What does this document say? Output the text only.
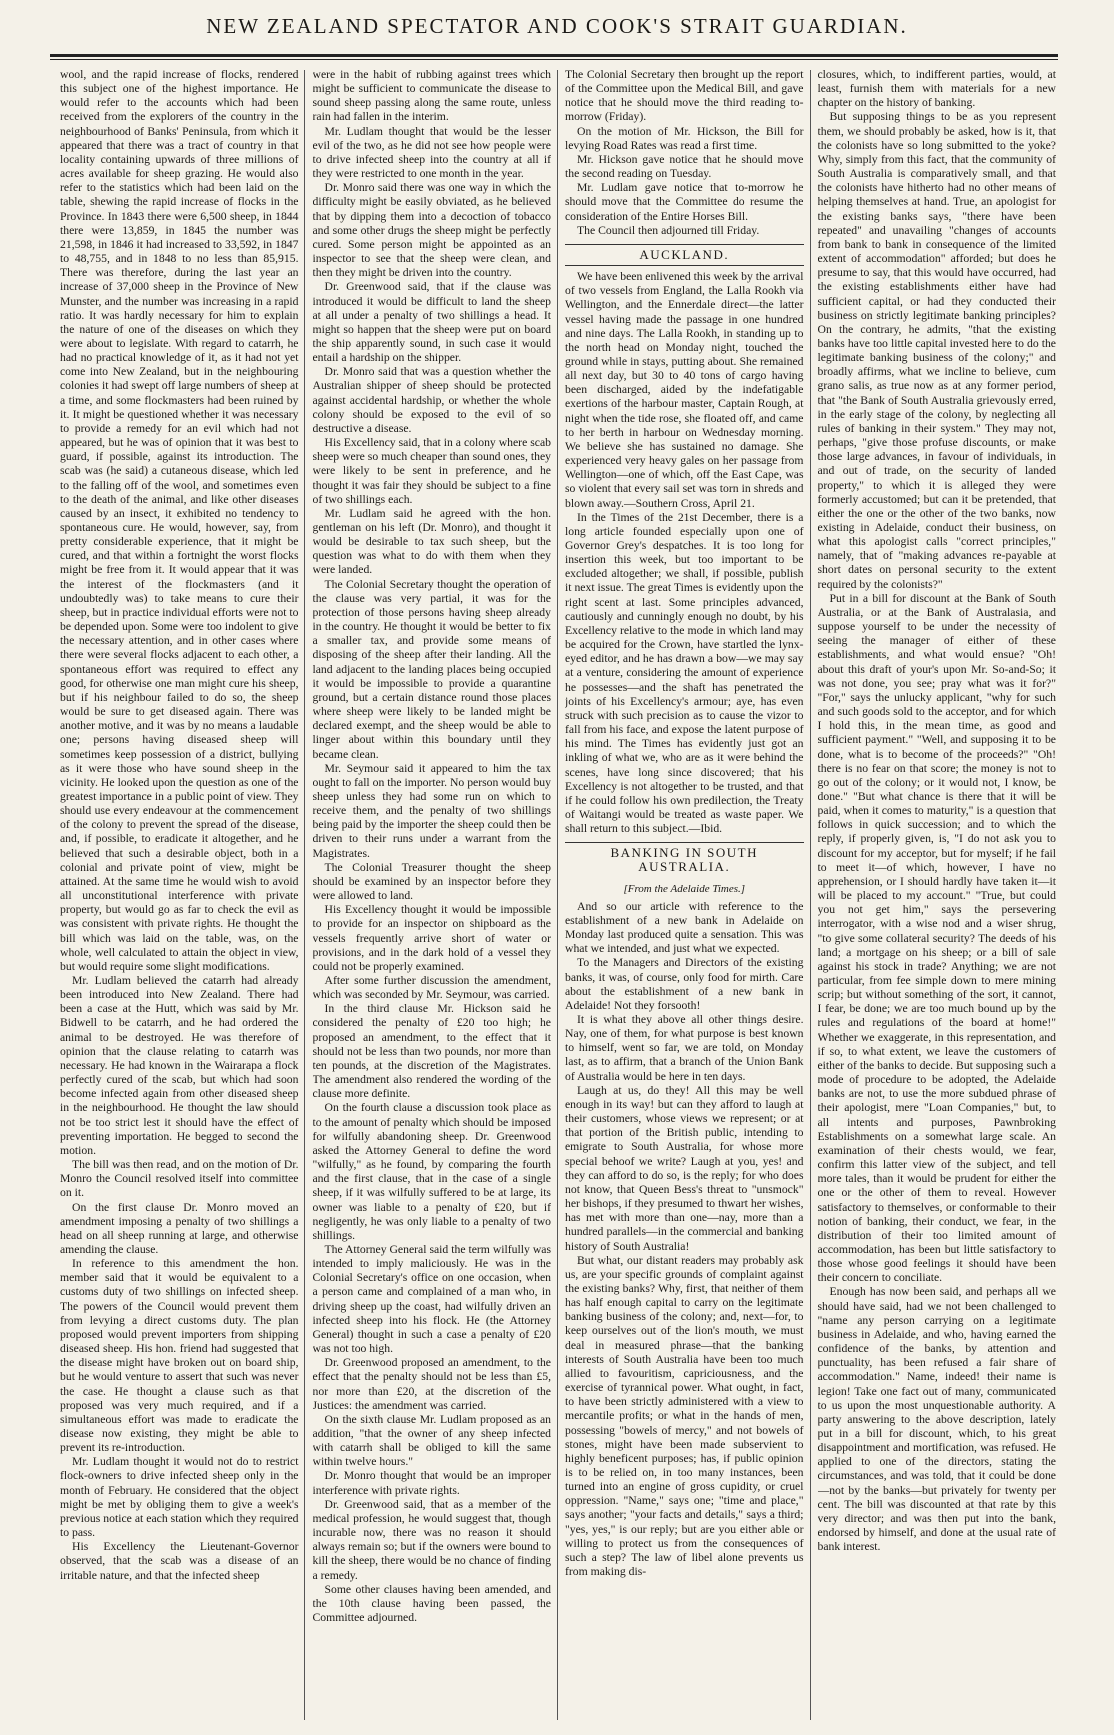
NEW ZEALAND SPECTATOR AND COOK'S STRAIT GUARDIAN.

wool, and the rapid increase of flocks, rendered this subject one of the highest importance. He would refer to the accounts which had been received from the explorers of the country in the neighbourhood of Banks' Peninsula, from which it appeared that there was a tract of country in that locality containing upwards of three millions of acres available for sheep grazing. He would also refer to the statistics which had been laid on the table, shewing the rapid increase of flocks in the Province. In 1843 there were 6,500 sheep, in 1844 there were 13,859, in 1845 the number was 21,598, in 1846 it had increased to 33,592, in 1847 to 48,755, and in 1848 to no less than 85,915. There was therefore, during the last year an increase of 37,000 sheep in the Province of New Munster, and the number was increasing in a rapid ratio. It was hardly necessary for him to explain the nature of one of the diseases on which they were about to legislate. With regard to catarrh, he had no practical knowledge of it, as it had not yet come into New Zealand, but in the neighbouring colonies it had swept off large numbers of sheep at a time, and some flockmasters had been ruined by it. It might be questioned whether it was necessary to provide a remedy for an evil which had not appeared, but he was of opinion that it was best to guard, if possible, against its introduction. The scab was (he said) a cutaneous disease, which led to the falling off of the wool, and sometimes even to the death of the animal, and like other diseases caused by an insect, it exhibited no tendency to spontaneous cure. He would, however, say, from pretty considerable experience, that it might be cured, and that within a fortnight the worst flocks might be free from it. It would appear that it was the interest of the flockmasters (and it undoubtedly was) to take means to cure their sheep, but in practice individual efforts were not to be depended upon. Some were too indolent to give the necessary attention, and in other cases where there were several flocks adjacent to each other, a spontaneous effort was required to effect any good, for otherwise one man might cure his sheep, but if his neighbour failed to do so, the sheep would be sure to get diseased again. There was another motive, and it was by no means a laudable one; persons having diseased sheep will sometimes keep possession of a district, bullying as it were those who have sound sheep in the vicinity. He looked upon the question as one of the greatest importance in a public point of view. They should use every endeavour at the commencement of the colony to prevent the spread of the disease, and, if possible, to eradicate it altogether, and he believed that such a desirable object, both in a colonial and private point of view, might be attained. At the same time he would wish to avoid all unconstitutional interference with private property, but would go as far to check the evil as was consistent with private rights. He thought the bill which was laid on the table, was, on the whole, well calculated to attain the object in view, but would require some slight modifications.

Mr. Ludlam believed the catarrh had already been introduced into New Zealand. There had been a case at the Hutt, which was said by Mr. Bidwell to be catarrh, and he had ordered the animal to be destroyed. He was therefore of opinion that the clause relating to catarrh was necessary. He had known in the Wairarapa a flock perfectly cured of the scab, but which had soon become infected again from other diseased sheep in the neighbourhood. He thought the law should not be too strict lest it should have the effect of preventing importation. He begged to second the motion.

The bill was then read, and on the motion of Dr. Monro the Council resolved itself into committee on it.

On the first clause Dr. Monro moved an amendment imposing a penalty of two shillings a head on all sheep running at large, and otherwise amending the clause.

In reference to this amendment the hon. member said that it would be equivalent to a customs duty of two shillings on infected sheep. The powers of the Council would prevent them from levying a direct customs duty. The plan proposed would prevent importers from shipping diseased sheep. His hon. friend had suggested that the disease might have broken out on board ship, but he would venture to assert that such was never the case. He thought a clause such as that proposed was very much required, and if a simultaneous effort was made to eradicate the disease now existing, they might be able to prevent its re-introduction.

Mr. Ludlam thought it would not do to restrict flock-owners to drive infected sheep only in the month of February. He considered that the object might be met by obliging them to give a week's previous notice at each station which they required to pass.

His Excellency the Lieutenant-Governor observed, that the scab was a disease of an irritable nature, and that the infected sheep

were in the habit of rubbing against trees which might be sufficient to communicate the disease to sound sheep passing along the same route, unless rain had fallen in the interim.

Mr. Ludlam thought that would be the lesser evil of the two, as he did not see how people were to drive infected sheep into the country at all if they were restricted to one month in the year.

Dr. Monro said there was one way in which the difficulty might be easily obviated, as he believed that by dipping them into a decoction of tobacco and some other drugs the sheep might be perfectly cured. Some person might be appointed as an inspector to see that the sheep were clean, and then they might be driven into the country.

Dr. Greenwood said, that if the clause was introduced it would be difficult to land the sheep at all under a penalty of two shillings a head. It might so happen that the sheep were put on board the ship apparently sound, in such case it would entail a hardship on the shipper.

Dr. Monro said that was a question whether the Australian shipper of sheep should be protected against accidental hardship, or whether the whole colony should be exposed to the evil of so destructive a disease.

His Excellency said, that in a colony where scab sheep were so much cheaper than sound ones, they were likely to be sent in preference, and he thought it was fair they should be subject to a fine of two shillings each.

Mr. Ludlam said he agreed with the hon. gentleman on his left (Dr. Monro), and thought it would be desirable to tax such sheep, but the question was what to do with them when they were landed.

The Colonial Secretary thought the operation of the clause was very partial, it was for the protection of those persons having sheep already in the country. He thought it would be better to fix a smaller tax, and provide some means of disposing of the sheep after their landing. All the land adjacent to the landing places being occupied it would be impossible to provide a quarantine ground, but a certain distance round those places where sheep were likely to be landed might be declared exempt, and the sheep would be able to linger about within this boundary until they became clean.

Mr. Seymour said it appeared to him the tax ought to fall on the importer. No person would buy sheep unless they had some run on which to receive them, and the penalty of two shillings being paid by the importer the sheep could then be driven to their runs under a warrant from the Magistrates.

The Colonial Treasurer thought the sheep should be examined by an inspector before they were allowed to land.

His Excellency thought it would be impossible to provide for an inspector on shipboard as the vessels frequently arrive short of water or provisions, and in the dark hold of a vessel they could not be properly examined.

After some further discussion the amendment, which was seconded by Mr. Seymour, was carried.

In the third clause Mr. Hickson said he considered the penalty of £20 too high; he proposed an amendment, to the effect that it should not be less than two pounds, nor more than ten pounds, at the discretion of the Magistrates. The amendment also rendered the wording of the clause more definite.

On the fourth clause a discussion took place as to the amount of penalty which should be imposed for wilfully abandoning sheep. Dr. Greenwood asked the Attorney General to define the word "wilfully," as he found, by comparing the fourth and the first clause, that in the case of a single sheep, if it was wilfully suffered to be at large, its owner was liable to a penalty of £20, but if negligently, he was only liable to a penalty of two shillings.

The Attorney General said the term wilfully was intended to imply maliciously. He was in the Colonial Secretary's office on one occasion, when a person came and complained of a man who, in driving sheep up the coast, had wilfully driven an infected sheep into his flock. He (the Attorney General) thought in such a case a penalty of £20 was not too high.

Dr. Greenwood proposed an amendment, to the effect that the penalty should not be less than £5, nor more than £20, at the discretion of the Justices: the amendment was carried.

On the sixth clause Mr. Ludlam proposed as an addition, "that the owner of any sheep infected with catarrh shall be obliged to kill the same within twelve hours."

Dr. Monro thought that would be an improper interference with private rights.

Dr. Greenwood said, that as a member of the medical profession, he would suggest that, though incurable now, there was no reason it should always remain so; but if the owners were bound to kill the sheep, there would be no chance of finding a remedy.

Some other clauses having been amended, and the 10th clause having been passed, the Committee adjourned.

The Colonial Secretary then brought up the report of the Committee upon the Medical Bill, and gave notice that he should move the third reading to-morrow (Friday).

On the motion of Mr. Hickson, the Bill for levying Road Rates was read a first time.

Mr. Hickson gave notice that he should move the second reading on Tuesday.

Mr. Ludlam gave notice that to-morrow he should move that the Committee do resume the consideration of the Entire Horses Bill.

The Council then adjourned till Friday.

AUCKLAND.

We have been enlivened this week by the arrival of two vessels from England, the Lalla Rookh via Wellington, and the Ennerdale direct—the latter vessel having made the passage in one hundred and nine days. The Lalla Rookh, in standing up to the north head on Monday night, touched the ground while in stays, putting about. She remained all next day, but 30 to 40 tons of cargo having been discharged, aided by the indefatigable exertions of the harbour master, Captain Rough, at night when the tide rose, she floated off, and came to her berth in harbour on Wednesday morning. We believe she has sustained no damage. She experienced very heavy gales on her passage from Wellington—one of which, off the East Cape, was so violent that every sail set was torn in shreds and blown away.—Southern Cross, April 21.

In the Times of the 21st December, there is a long article founded especially upon one of Governor Grey's despatches. It is too long for insertion this week, but too important to be excluded altogether; we shall, if possible, publish it next issue. The great Times is evidently upon the right scent at last. Some principles advanced, cautiously and cunningly enough no doubt, by his Excellency relative to the mode in which land may be acquired for the Crown, have startled the lynx-eyed editor, and he has drawn a bow—we may say at a venture, considering the amount of experience he possesses—and the shaft has penetrated the joints of his Excellency's armour; aye, has even struck with such precision as to cause the vizor to fall from his face, and expose the latent purpose of his mind. The Times has evidently just got an inkling of what we, who are as it were behind the scenes, have long since discovered; that his Excellency is not altogether to be trusted, and that if he could follow his own predilection, the Treaty of Waitangi would be treated as waste paper. We shall return to this subject.—Ibid.

BANKING IN SOUTH AUSTRALIA.
[From the Adelaide Times.]

And so our article with reference to the establishment of a new bank in Adelaide on Monday last produced quite a sensation. This was what we intended, and just what we expected.

To the Managers and Directors of the existing banks, it was, of course, only food for mirth. Care about the establishment of a new bank in Adelaide! Not they forsooth!

It is what they above all other things desire. Nay, one of them, for what purpose is best known to himself, went so far, we are told, on Monday last, as to affirm, that a branch of the Union Bank of Australia would be here in ten days.

Laugh at us, do they! All this may be well enough in its way! but can they afford to laugh at their customers, whose views we represent; or at that portion of the British public, intending to emigrate to South Australia, for whose more special behoof we write? Laugh at you, yes! and they can afford to do so, is the reply; for who does not know, that Queen Bess's threat to "unsmock" her bishops, if they presumed to thwart her wishes, has met with more than one—nay, more than a hundred parallels—in the commercial and banking history of South Australia!

But what, our distant readers may probably ask us, are your specific grounds of complaint against the existing banks? Why, first, that neither of them has half enough capital to carry on the legitimate banking business of the colony; and, next—for, to keep ourselves out of the lion's mouth, we must deal in measured phrase—that the banking interests of South Australia have been too much allied to favouritism, capriciousness, and the exercise of tyrannical power. What ought, in fact, to have been strictly administered with a view to mercantile profits; or what in the hands of men, possessing "bowels of mercy," and not bowels of stones, might have been made subservient to highly beneficent purposes; has, if public opinion is to be relied on, in too many instances, been turned into an engine of gross cupidity, or cruel oppression. "Name," says one; "time and place," says another; "your facts and details," says a third; "yes, yes," is our reply; but are you either able or willing to protect us from the consequences of such a step? The law of libel alone prevents us from making dis-

closures, which, to indifferent parties, would, at least, furnish them with materials for a new chapter on the history of banking.

But supposing things to be as you represent them, we should probably be asked, how is it, that the colonists have so long submitted to the yoke? Why, simply from this fact, that the community of South Australia is comparatively small, and that the colonists have hitherto had no other means of helping themselves at hand. True, an apologist for the existing banks says, "there have been repeated" and unavailing "changes of accounts from bank to bank in consequence of the limited extent of accommodation" afforded; but does he presume to say, that this would have occurred, had the existing establishments either have had sufficient capital, or had they conducted their business on strictly legitimate banking principles? On the contrary, he admits, "that the existing banks have too little capital invested here to do the legitimate banking business of the colony;" and broadly affirms, what we incline to believe, cum grano salis, as true now as at any former period, that "the Bank of South Australia grievously erred, in the early stage of the colony, by neglecting all rules of banking in their system." They may not, perhaps, "give those profuse discounts, or make those large advances, in favour of individuals, in and out of trade, on the security of landed property," to which it is alleged they were formerly accustomed; but can it be pretended, that either the one or the other of the two banks, now existing in Adelaide, conduct their business, on what this apologist calls "correct principles," namely, that of "making advances re-payable at short dates on personal security to the extent required by the colonists?"

Put in a bill for discount at the Bank of South Australia, or at the Bank of Australasia, and suppose yourself to be under the necessity of seeing the manager of either of these establishments, and what would ensue? "Oh! about this draft of your's upon Mr. So-and-So; it was not done, you see; pray what was it for?" "For," says the unlucky applicant, "why for such and such goods sold to the acceptor, and for which I hold this, in the mean time, as good and sufficient payment." "Well, and supposing it to be done, what is to become of the proceeds?" "Oh! there is no fear on that score; the money is not to go out of the colony; or it would not, I know, be done." "But what chance is there that it will be paid, when it comes to maturity," is a question that follows in quick succession; and to which the reply, if properly given, is, "I do not ask you to discount for my acceptor, but for myself; if he fail to meet it—of which, however, I have no apprehension, or I should hardly have taken it—it will be placed to my account." "True, but could you not get him," says the persevering interrogator, with a wise nod and a wiser shrug, "to give some collateral security? The deeds of his land; a mortgage on his sheep; or a bill of sale against his stock in trade? Anything; we are not particular, from fee simple down to mere mining scrip; but without something of the sort, it cannot, I fear, be done; we are too much bound up by the rules and regulations of the board at home!" Whether we exaggerate, in this representation, and if so, to what extent, we leave the customers of either of the banks to decide. But supposing such a mode of procedure to be adopted, the Adelaide banks are not, to use the more subdued phrase of their apologist, mere "Loan Companies," but, to all intents and purposes, Pawnbroking Establishments on a somewhat large scale. An examination of their chests would, we fear, confirm this latter view of the subject, and tell more tales, than it would be prudent for either the one or the other of them to reveal. However satisfactory to themselves, or conformable to their notion of banking, their conduct, we fear, in the distribution of their too limited amount of accommodation, has been but little satisfactory to those whose good feelings it should have been their concern to conciliate.

Enough has now been said, and perhaps all we should have said, had we not been challenged to "name any person carrying on a legitimate business in Adelaide, and who, having earned the confidence of the banks, by attention and punctuality, has been refused a fair share of accommodation." Name, indeed! their name is legion! Take one fact out of many, communicated to us upon the most unquestionable authority. A party answering to the above description, lately put in a bill for discount, which, to his great disappointment and mortification, was refused. He applied to one of the directors, stating the circumstances, and was told, that it could be done—not by the banks—but privately for twenty per cent. The bill was discounted at that rate by this very director; and was then put into the bank, endorsed by himself, and done at the usual rate of bank interest.
